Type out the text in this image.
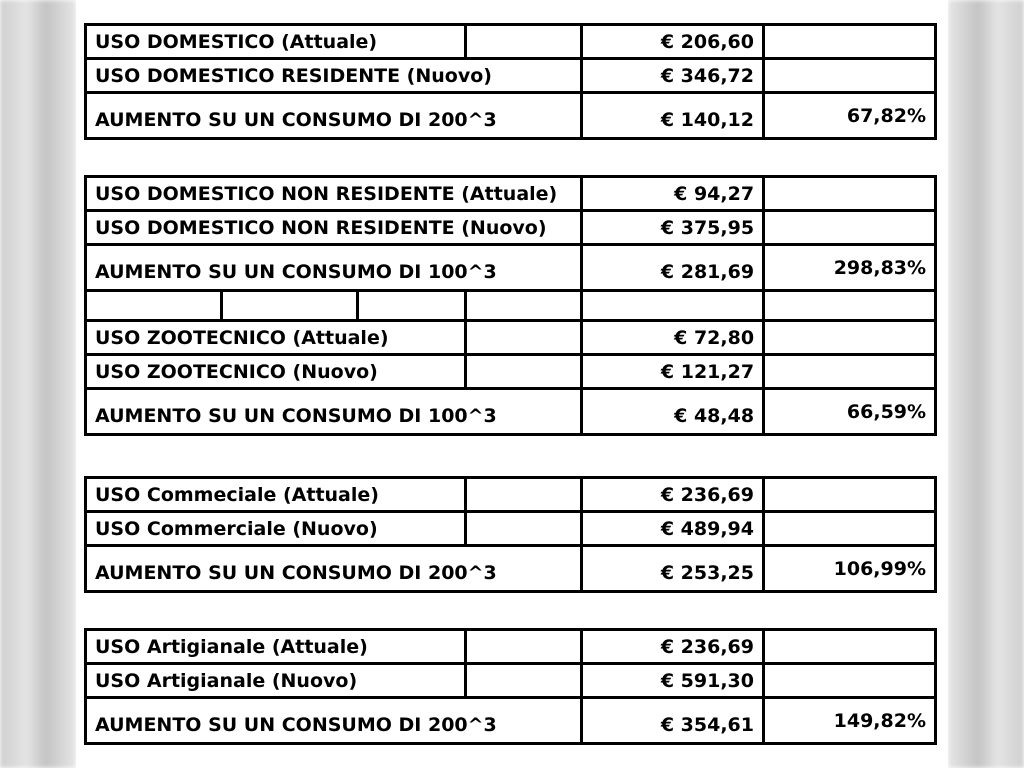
USO DOMESTICO (Attuale)		€ 206,60	
USO DOMESTICO RESIDENTE (Nuovo)		€ 346,72	
AUMENTO SU UN CONSUMO DI 200^3		€ 140,12	67,82%
USO DOMESTICO NON RESIDENTE (Attuale)				€ 94,27	
USO DOMESTICO NON RESIDENTE (Nuovo)				€ 375,95	
AUMENTO SU UN CONSUMO DI 100^3				€ 281,69	298,83%

USO ZOOTECNICO (Attuale)				€ 72,80	
USO ZOOTECNICO (Nuovo)				€ 121,27	
AUMENTO SU UN CONSUMO DI 100^3				€ 48,48	66,59%
USO Commeciale (Attuale)		€ 236,69	
USO Commerciale (Nuovo)		€ 489,94	
AUMENTO SU UN CONSUMO DI 200^3		€ 253,25	106,99%
USO Artigianale (Attuale)		€ 236,69	
USO Artigianale (Nuovo)		€ 591,30	
AUMENTO SU UN CONSUMO DI 200^3		€ 354,61	149,82%
